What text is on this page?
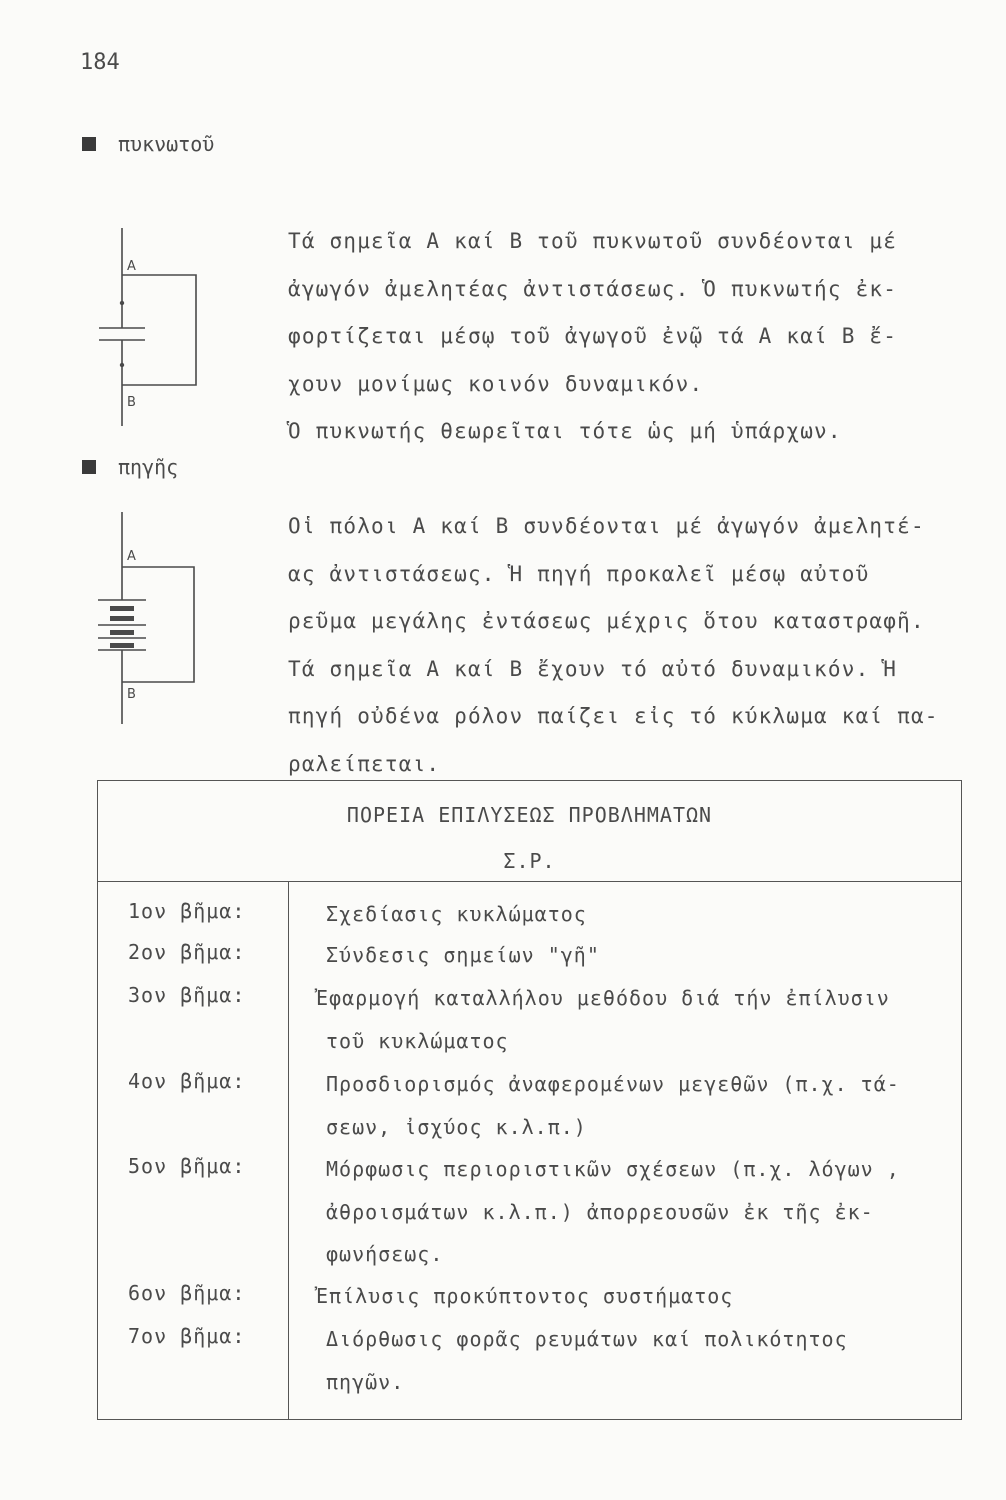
184
πυκνωτοῦ
A
B
Τά σημεῖα A καί B τοῦ πυκνωτοῦ συνδέονται μέ
ἀγωγόν ἀμελητέας ἀντιστάσεως. Ὁ πυκνωτής ἐκ-
φορτίζεται μέσῳ τοῦ ἀγωγοῦ ἐνῷ τά A καί B ἔ-
χουν μονίμως κοινόν δυναμικόν.
Ὁ πυκνωτής θεωρεῖται τότε ὡς μή ὑπάρχων.
πηγῆς
A
B
Οἱ πόλοι A καί B συνδέονται μέ ἀγωγόν ἀμελητέ-
ας ἀντιστάσεως. Ἡ πηγή προκαλεῖ μέσῳ αὐτοῦ
ρεῦμα μεγάλης ἐντάσεως μέχρις ὅτου καταστραφῆ.
Τά σημεῖα A καί B ἔχουν τό αὐτό δυναμικόν. Ἡ
πηγή οὐδένα ρόλον παίζει εἰς τό κύκλωμα καί πα-
ραλείπεται.
ΠΟΡΕΙΑ ΕΠΙΛΥΣΕΩΣ ΠΡΟΒΛΗΜΑΤΩΝ
Σ.Ρ.
1ον βῆμα:	Σχεδίασις κυκλώματος
2ον βῆμα:	Σύνδεσις σημείων "γῆ"
3ον βῆμα:	Ἐφαρμογή καταλλήλου μεθόδου διά τήν ἐπίλυσιν
τοῦ κυκλώματος
4ον βῆμα:	Προσδιορισμός ἀναφερομένων μεγεθῶν (π.χ. τά-
σεων, ἰσχύος κ.λ.π.)
5ον βῆμα:	Μόρφωσις περιοριστικῶν σχέσεων (π.χ. λόγων ,
ἀθροισμάτων κ.λ.π.) ἀπορρεουσῶν ἐκ τῆς ἐκ-
φωνήσεως.
6ον βῆμα:	Ἐπίλυσις προκύπτοντος συστήματος
7ον βῆμα:	Διόρθωσις φορᾶς ρευμάτων καί πολικότητος
πηγῶν.
